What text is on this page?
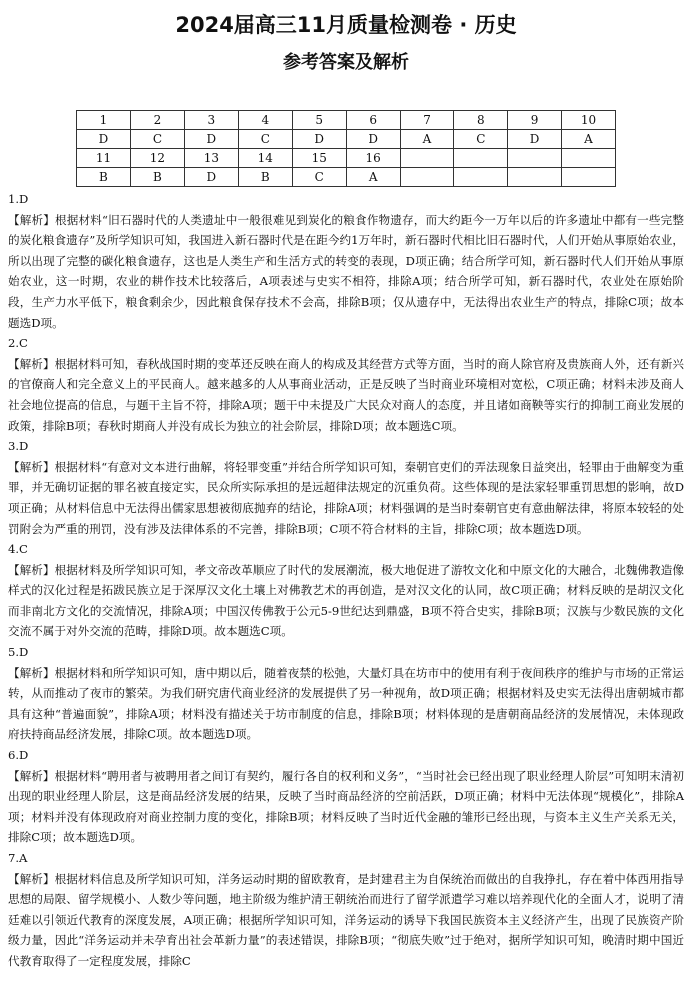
2024届高三11月质量检测卷 · 历史
参考答案及解析
1	2	3	4	5	6	7	8	9	10
D	C	D	C	D	D	A	C	D	A
11	12	13	14	15	16				
B	B	D	B	C	A				
1.D
【解析】根据材料“旧石器时代的人类遗址中一般很难见到炭化的粮食作物遗存，而大约距今一万年以后的许多遗址中都有一些完整的炭化粮食遗存”及所学知识可知，我国进入新石器时代是在距今约1万年时，新石器时代相比旧石器时代，人们开始从事原始农业，所以出现了完整的碳化粮食遗存，这也是人类生产和生活方式的转变的表现，D项正确；结合所学可知，新石器时代人们开始从事原始农业，这一时期，农业的耕作技术比较落后，A项表述与史实不相符，排除A项；结合所学可知，新石器时代，农业处在原始阶段，生产力水平低下，粮食剩余少，因此粮食保存技术不会高，排除B项；仅从遗存中，无法得出农业生产的特点，排除C项；故本题选D项。
2.C
【解析】根据材料可知，春秋战国时期的变革还反映在商人的构成及其经营方式等方面，当时的商人除官府及贵族商人外，还有新兴的官僚商人和完全意义上的平民商人。越来越多的人从事商业活动，正是反映了当时商业环境相对宽松，C项正确；材料未涉及商人社会地位提高的信息，与题干主旨不符，排除A项；题干中未提及广大民众对商人的态度，并且诸如商鞅等实行的抑制工商业发展的政策，排除B项；春秋时期商人并没有成长为独立的社会阶层，排除D项；故本题选C项。
3.D
【解析】根据材料“有意对文本进行曲解，将轻罪变重”并结合所学知识可知，秦朝官吏们的弄法现象日益突出，轻罪由于曲解变为重罪，并无确切证据的罪名被直接定实，民众所实际承担的是远超律法规定的沉重负荷。这些体现的是法家轻罪重罚思想的影响，故D项正确；从材料信息中无法得出儒家思想被彻底抛弃的结论，排除A项；材料强调的是当时秦朝官吏有意曲解法律，将原本较轻的处罚附会为严重的刑罚，没有涉及法律体系的不完善，排除B项；C项不符合材料的主旨，排除C项；故本题选D项。
4.C
【解析】根据材料及所学知识可知，孝文帝改革顺应了时代的发展潮流，极大地促进了游牧文化和中原文化的大融合，北魏佛教造像样式的汉化过程是拓跋民族立足于深厚汉文化土壤上对佛教艺术的再创造，是对汉文化的认同，故C项正确；材料反映的是胡汉文化而非南北方文化的交流情况，排除A项；中国汉传佛教于公元5-9世纪达到鼎盛，B项不符合史实，排除B项；汉族与少数民族的文化交流不属于对外交流的范畴，排除D项。故本题选C项。
5.D
【解析】根据材料和所学知识可知，唐中期以后，随着夜禁的松弛，大量灯具在坊市中的使用有利于夜间秩序的维护与市场的正常运转，从而推动了夜市的繁荣。为我们研究唐代商业经济的发展提供了另一种视角，故D项正确；根据材料及史实无法得出唐朝城市都具有这种“普遍面貌”，排除A项；材料没有描述关于坊市制度的信息，排除B项；材料体现的是唐朝商品经济的发展情况，未体现政府扶持商品经济发展，排除C项。故本题选D项。
6.D
【解析】根据材料“聘用者与被聘用者之间订有契约，履行各自的权利和义务”，“当时社会已经出现了职业经理人阶层”可知明末清初出现的职业经理人阶层，这是商品经济发展的结果，反映了当时商品经济的空前活跃，D项正确；材料中无法体现“规模化”，排除A项；材料并没有体现政府对商业控制力度的变化，排除B项；材料反映了当时近代金融的雏形已经出现，与资本主义生产关系无关，排除C项；故本题选D项。
7.A
【解析】根据材料信息及所学知识可知，洋务运动时期的留欧教育，是封建君主为自保统治而做出的自我挣扎，存在着中体西用指导思想的局限、留学规模小、人数少等问题，地主阶级为维护清王朝统治而进行了留学派遣学习难以培养现代化的全面人才，说明了清廷难以引领近代教育的深度发展，A项正确；根据所学知识可知，洋务运动的诱导下我国民族资本主义经济产生，出现了民族资产阶级力量，因此“洋务运动并未孕育出社会革新力量”的表述错误，排除B项；“彻底失败”过于绝对，据所学知识可知，晚清时期中国近代教育取得了一定程度发展，排除C
